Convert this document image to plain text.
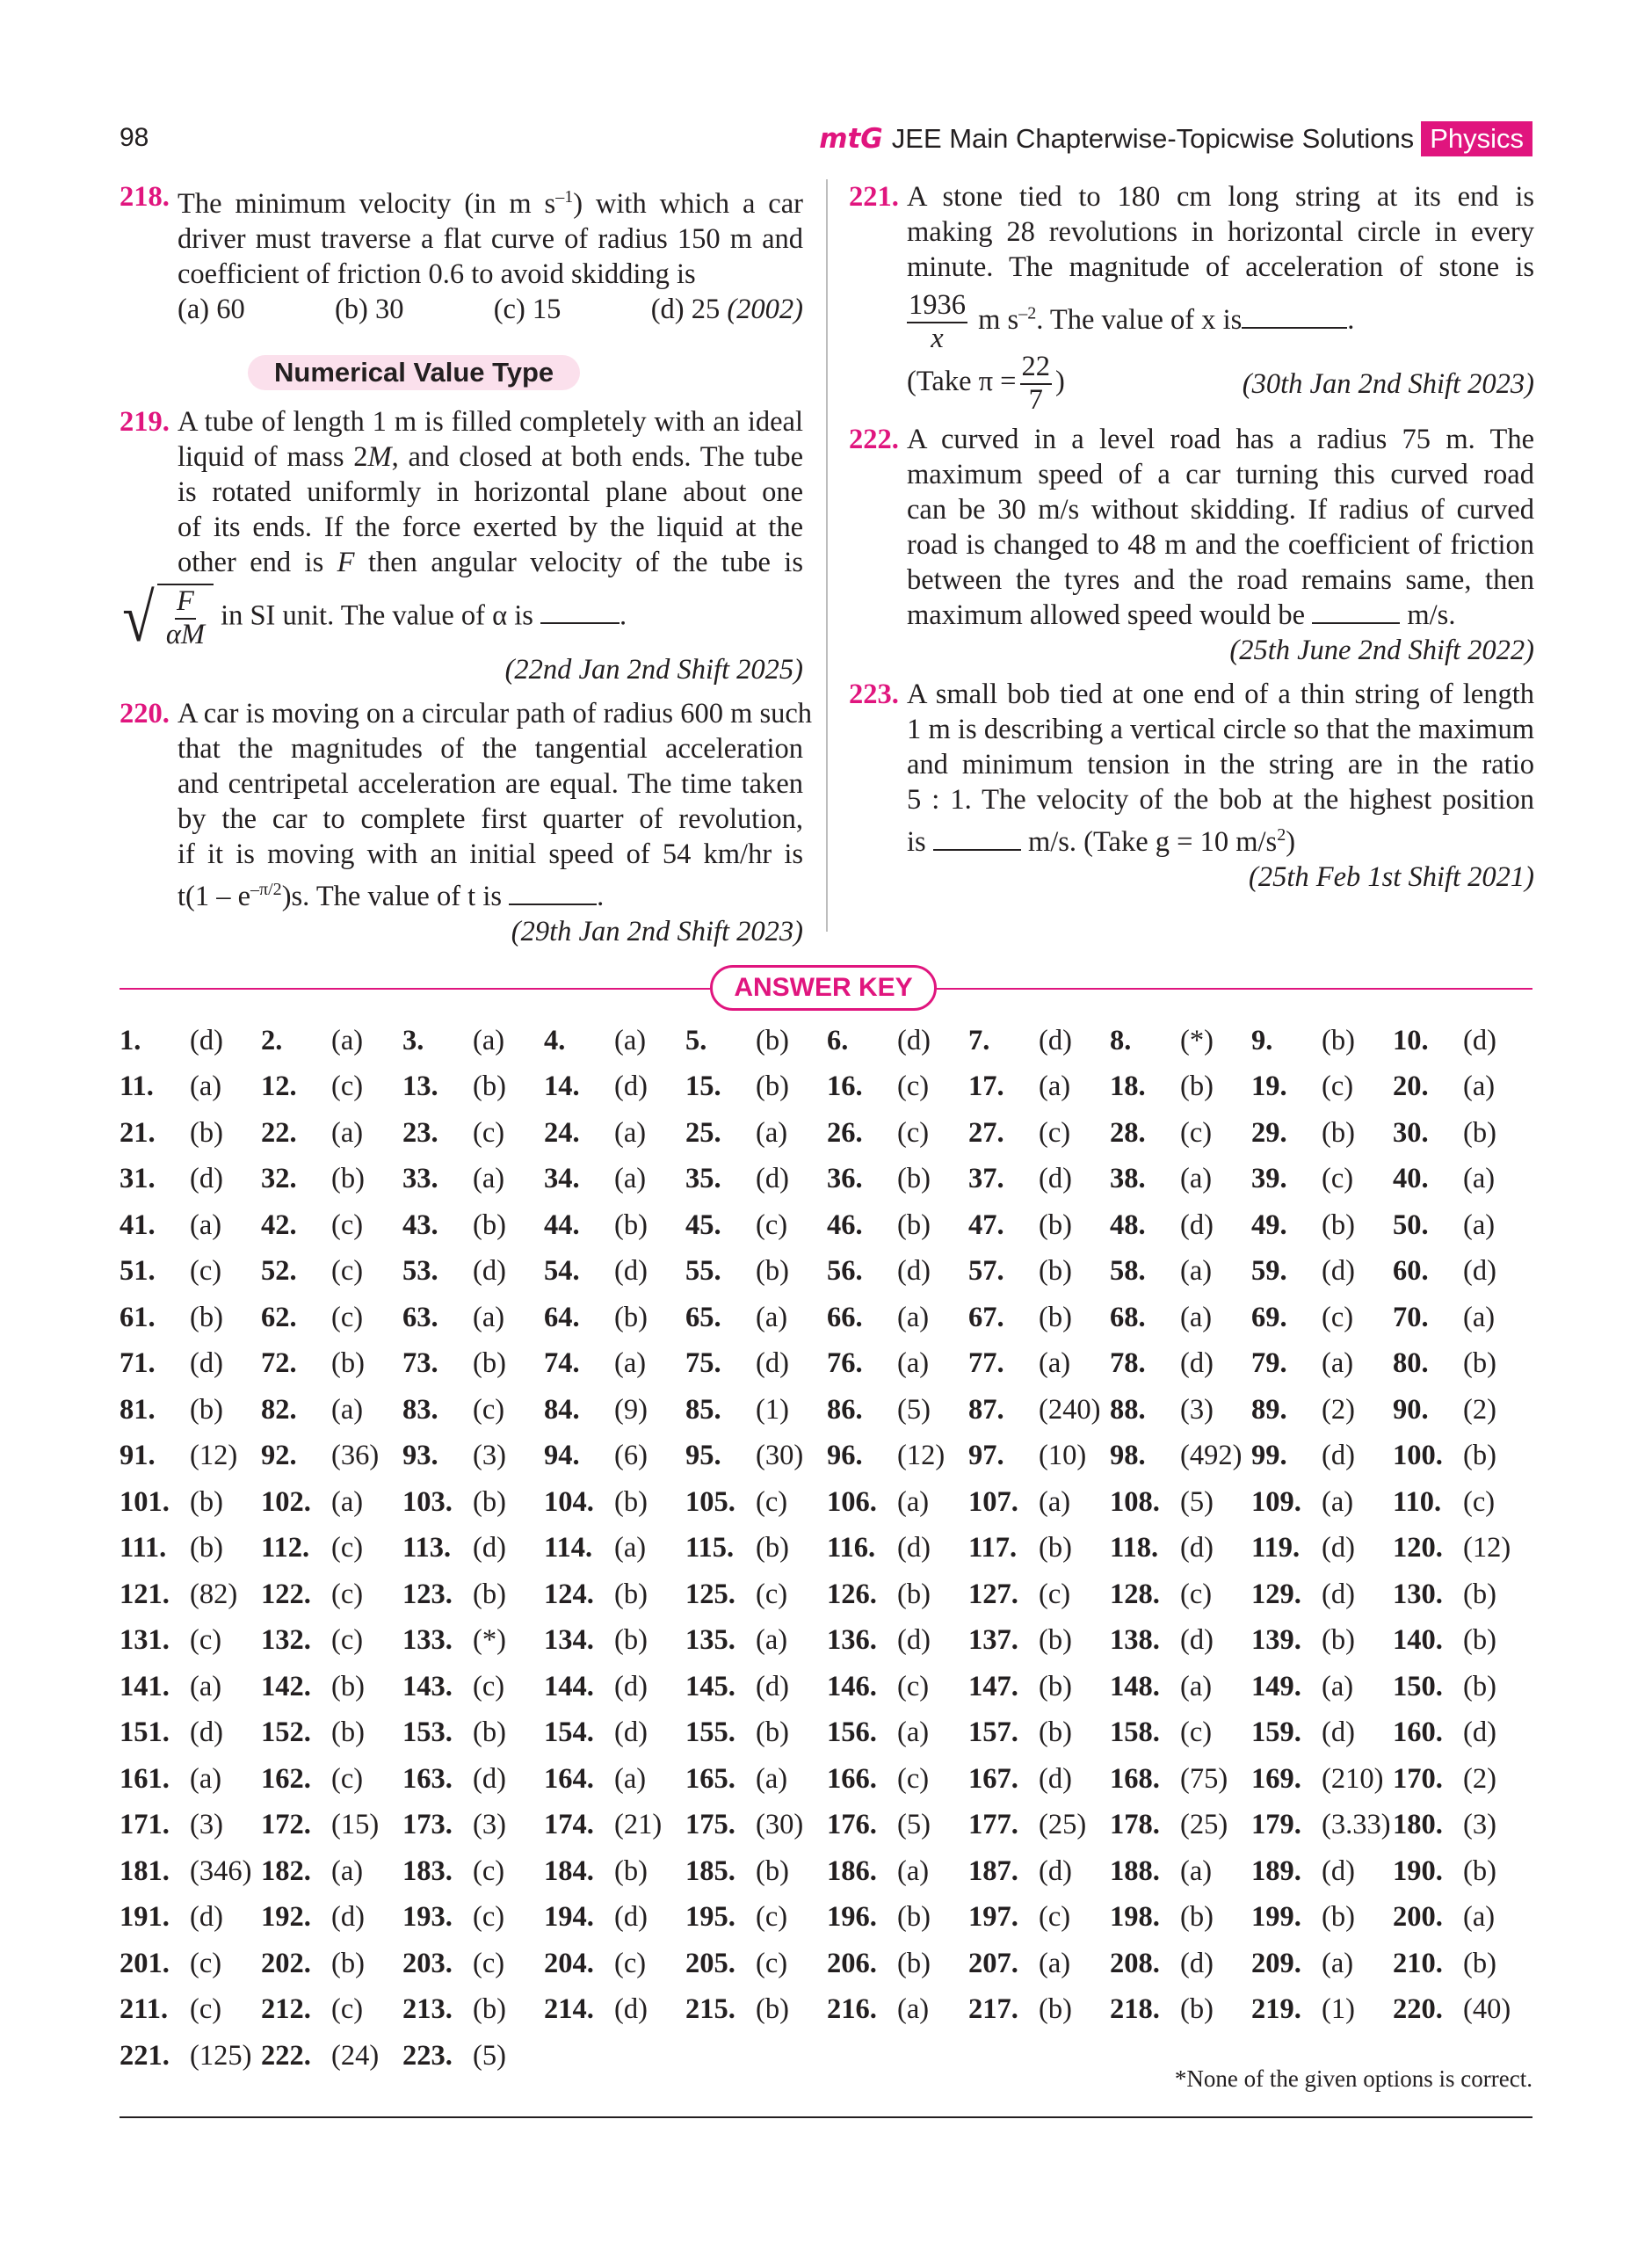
98	mtG JEE Main Chapterwise-Topicwise Solutions Physics
218. The minimum velocity (in m $s^{-1}$) with which a car
driver must traverse a flat curve of radius 150 m and
coefficient of friction 0.6 to avoid skidding is
(a) 60	(b) 30	(c) 15	(d) 25 (2002)
Numerical Value Type
219. A tube of length 1 m is filled completely with an ideal
liquid of mass 2M, and closed at both ends. The tube
is rotated uniformly in horizontal plane about one
of its ends. If the force exerted by the liquid at the
other end is F then angular velocity of the tube is
√ $\frac{F}{\alpha M}$ in SI unit. The value of α is	.
(22nd Jan 2nd Shift 2025)
220. A car is moving on a circular path of radius 600 m such
that the magnitudes of the tangential acceleration
and centripetal acceleration are equal. The time taken
by the car to complete first quarter of revolution,
if it is moving with an initial speed of 54 km/hr is
$t(1 - e^{-\pi/2})s$. The value of t is	.
(29th Jan 2nd Shift 2023)
221. A stone tied to 180 cm long string at its end is
making 28 revolutions in horizontal circle in every
minute. The magnitude of acceleration of stone is
$\frac{1936}{x}$ m $s^{-2}$. The value of x is	.
(Take $\pi = \frac{22}{7}$ )	(30th Jan 2nd Shift 2023)
222. A curved in a level road has a radius 75 m. The
maximum speed of a car turning this curved road
can be 30 m/s without skidding. If radius of curved
road is changed to 48 m and the coefficient of friction
between the tyres and the road remains same, then
maximum allowed speed would be	m/s.
(25th June 2nd Shift 2022)
223. A small bob tied at one end of a thin string of length
1 m is describing a vertical circle so that the maximum
and minimum tension in the string are in the ratio
5 : 1. The velocity of the bob at the highest position
is	m/s. (Take g = 10 $m/s^2$)
(25th Feb 1st Shift 2021)
ANSWER KEY
1.	(d) 2.	(a) 3.	(a) 4.	(a) 5.	(b) 6.	(d) 7.	(d) 8.	(*) 9.	(b) 10.	(d)
11.	(a) 12.	(c) 13.	(b) 14.	(d) 15.	(b) 16.	(c) 17.	(a) 18.	(b) 19.	(c) 20.	(a)
21.	(b) 22.	(a) 23.	(c) 24.	(a) 25.	(a) 26.	(c) 27.	(c) 28.	(c) 29.	(b) 30.	(b)
31.	(d) 32.	(b) 33.	(a) 34.	(a) 35.	(d) 36.	(b) 37.	(d) 38.	(a) 39.	(c) 40.	(a)
41.	(a) 42.	(c) 43.	(b) 44.	(b) 45.	(c) 46.	(b) 47.	(b) 48.	(d) 49.	(b) 50.	(a)
51.	(c) 52.	(c) 53.	(d) 54.	(d) 55.	(b) 56.	(d) 57.	(b) 58.	(a) 59.	(d) 60.	(d)
61.	(b) 62.	(c) 63.	(a) 64.	(b) 65.	(a) 66.	(a) 67.	(b) 68.	(a) 69.	(c) 70.	(a)
71.	(d) 72.	(b) 73.	(b) 74.	(a) 75.	(d) 76.	(a) 77.	(a) 78.	(d) 79.	(a) 80.	(b)
81.	(b) 82.	(a) 83.	(c) 84.	(9) 85.	(1) 86.	(5) 87.	(240) 88.	(3) 89.	(2) 90.	(2)
91.	(12) 92.	(36) 93.	(3) 94.	(6) 95.	(30) 96.	(12) 97.	(10) 98.	(492) 99.	(d) 100. (b)
101. (b) 102. (a) 103. (b) 104. (b) 105. (c) 106. (a) 107. (a) 108. (5) 109. (a) 110. (c)
111. (b) 112. (c) 113. (d) 114. (a) 115. (b) 116. (d) 117. (b) 118. (d) 119. (d) 120. (12)
121. (82) 122. (c) 123. (b) 124. (b) 125. (c) 126. (b) 127. (c) 128. (c) 129. (d) 130. (b)
131. (c) 132. (c) 133. (*) 134. (b) 135. (a) 136. (d) 137. (b) 138. (d) 139. (b) 140. (b)
141. (a) 142. (b) 143. (c) 144. (d) 145. (d) 146. (c) 147. (b) 148. (a) 149. (a) 150. (b)
151. (d) 152. (b) 153. (b) 154. (d) 155. (b) 156. (a) 157. (b) 158. (c) 159. (d) 160. (d)
161. (a) 162. (c) 163. (d) 164. (a) 165. (a) 166. (c) 167. (d) 168. (75) 169. (210) 170. (2)
171. (3) 172. (15) 173. (3) 174. (21) 175. (30) 176. (5) 177. (25) 178. (25) 179. (3.33) 180. (3)
181. (346) 182. (a) 183. (c) 184. (b) 185. (b) 186. (a) 187. (d) 188. (a) 189. (d) 190. (b)
191. (d) 192. (d) 193. (c) 194. (d) 195. (c) 196. (b) 197. (c) 198. (b) 199. (b) 200. (a)
201. (c) 202. (b) 203. (c) 204. (c) 205. (c) 206. (b) 207. (a) 208. (d) 209. (a) 210. (b)
211. (c) 212. (c) 213. (b) 214. (d) 215. (b) 216. (a) 217. (b) 218. (b) 219. (1) 220. (40)
221. (125) 222. (24) 223. (5)
*None of the given options is correct.
